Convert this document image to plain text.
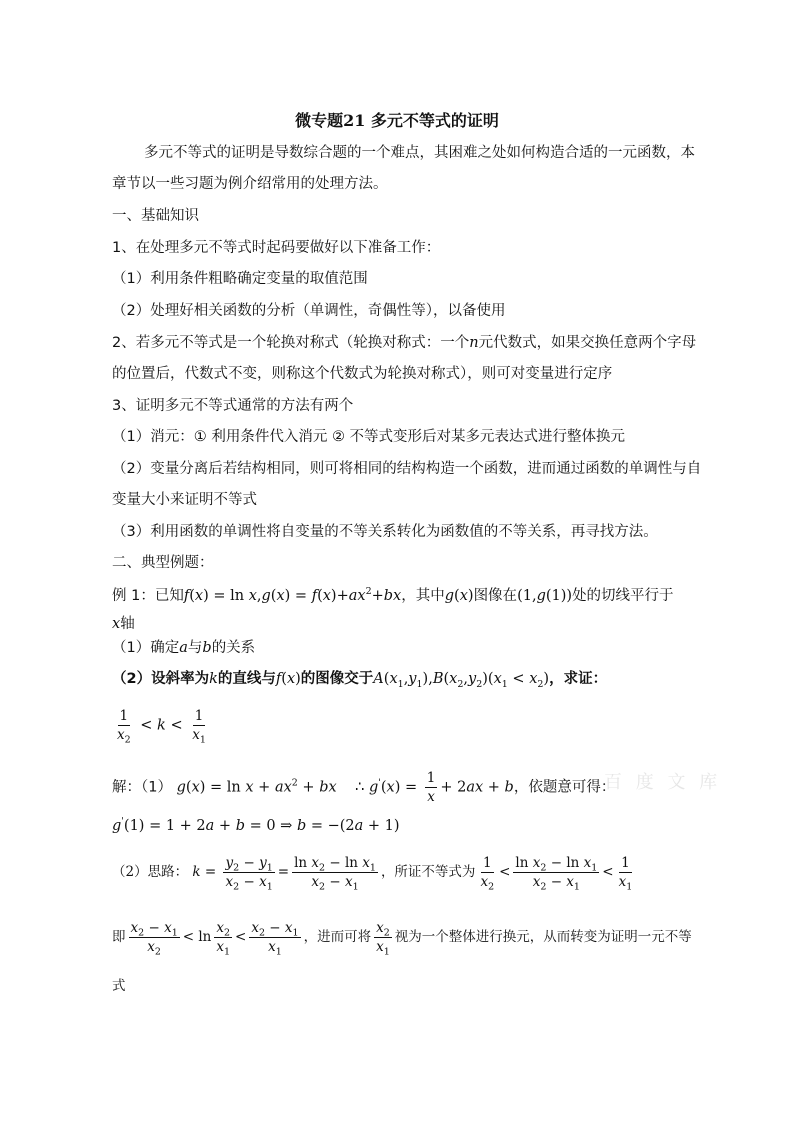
微专题21 多元不等式的证明
多元不等式的证明是导数综合题的一个难点，其困难之处如何构造合适的一元函数，本
章节以一些习题为例介绍常用的处理方法。
一、基础知识
1、在处理多元不等式时起码要做好以下准备工作：
（1）利用条件粗略确定变量的取值范围
（2）处理好相关函数的分析（单调性，奇偶性等），以备使用
2、若多元不等式是一个轮换对称式（轮换对称式：一个n元代数式，如果交换任意两个字母
的位置后，代数式不变，则称这个代数式为轮换对称式），则可对变量进行定序
3、证明多元不等式通常的方法有两个
（1）消元：① 利用条件代入消元 ② 不等式变形后对某多元表达式进行整体换元
（2）变量分离后若结构相同，则可将相同的结构构造一个函数，进而通过函数的单调性与自
变量大小来证明不等式
（3）利用函数的单调性将自变量的不等关系转化为函数值的不等关系，再寻找方法。
二、典型例题：
例 1：已知$f(x) = \ln x,g(x) = f(x)+ax^2+bx$，其中g(x)图像在(1,g(1))处的切线平行于
x轴
（1）确定a与b的关系
（2）设斜率为k的直线与f(x)的图像交于$A(x_1,y_1),B(x_2,y_2)(x_1 < x_2)$，求证：
$\frac{1}{x_2} < k < \frac{1}{x_1}$
解：（1） $g(x) = \ln x + ax^2$ + bx ∴ $g'(x) = \frac{1}{x} + 2ax + b$，依题意可得：
g'(1) = 1 + 2a + b = 0 ⇒ b = −(2a + 1)
（2）思路： $k = \frac{y_2 - y_1}{x_2 - x_1} = \frac{\ln x_2 - \ln x_1}{x_2 - x_1}$ ，所证不等式为 $\frac{1}{x_2} < \frac{\ln x_2 - \ln x_1}{x_2 - x_1} < \frac{1}{x_1}$
即 $\frac{x_2 - x_1}{x_2} < \ln \frac{x_2}{x_1} < \frac{x_2 - x_1}{x_1}$ ，进而可将 $\frac{x_2}{x_1}$ 视为一个整体进行换元，从而转变为证明一元不等
式
百 度 文 库
